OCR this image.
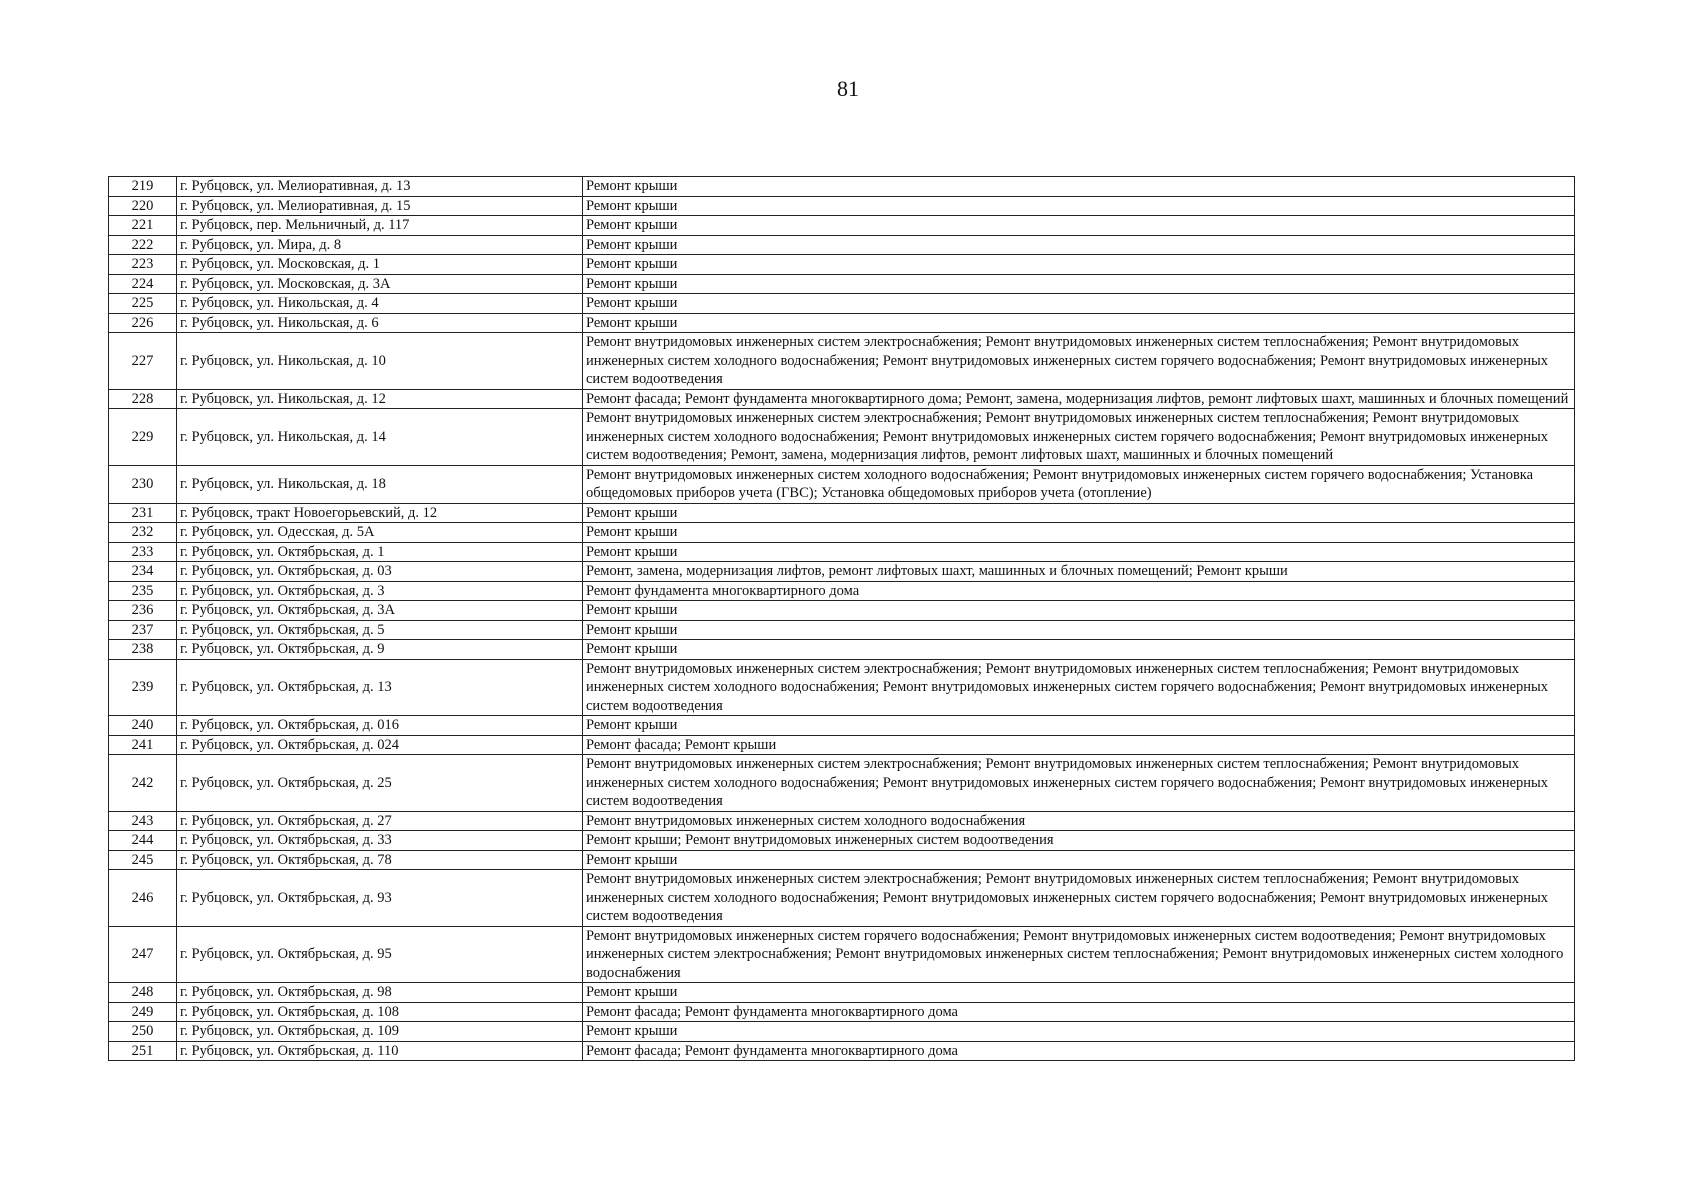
81
219	г. Рубцовск, ул. Мелиоративная, д. 13	Ремонт крыши
220	г. Рубцовск, ул. Мелиоративная, д. 15	Ремонт крыши
221	г. Рубцовск, пер. Мельничный, д. 117	Ремонт крыши
222	г. Рубцовск, ул. Мира, д. 8	Ремонт крыши
223	г. Рубцовск, ул. Московская, д. 1	Ремонт крыши
224	г. Рубцовск, ул. Московская, д. 3А	Ремонт крыши
225	г. Рубцовск, ул. Никольская, д. 4	Ремонт крыши
226	г. Рубцовск, ул. Никольская, д. 6	Ремонт крыши
227	г. Рубцовск, ул. Никольская, д. 10	Ремонт внутридомовых инженерных систем электроснабжения; Ремонт внутридомовых инженерных систем теплоснабжения; Ремонт внутридомовых инженерных систем холодного водоснабжения; Ремонт внутридомовых инженерных систем горячего водоснабжения; Ремонт внутридомовых инженерных систем водоотведения
228	г. Рубцовск, ул. Никольская, д. 12	Ремонт фасада; Ремонт фундамента многоквартирного дома; Ремонт, замена, модернизация лифтов, ремонт лифтовых шахт, машинных и блочных помещений
229	г. Рубцовск, ул. Никольская, д. 14	Ремонт внутридомовых инженерных систем электроснабжения; Ремонт внутридомовых инженерных систем теплоснабжения; Ремонт внутридомовых инженерных систем холодного водоснабжения; Ремонт внутридомовых инженерных систем горячего водоснабжения; Ремонт внутридомовых инженерных систем водоотведения; Ремонт, замена, модернизация лифтов, ремонт лифтовых шахт, машинных и блочных помещений
230	г. Рубцовск, ул. Никольская, д. 18	Ремонт внутридомовых инженерных систем холодного водоснабжения; Ремонт внутридомовых инженерных систем горячего водоснабжения; Установка общедомовых приборов учета (ГВС); Установка общедомовых приборов учета (отопление)
231	г. Рубцовск, тракт Новоегорьевский, д. 12	Ремонт крыши
232	г. Рубцовск, ул. Одесская, д. 5А	Ремонт крыши
233	г. Рубцовск, ул. Октябрьская, д. 1	Ремонт крыши
234	г. Рубцовск, ул. Октябрьская, д. 03	Ремонт, замена, модернизация лифтов, ремонт лифтовых шахт, машинных и блочных помещений; Ремонт крыши
235	г. Рубцовск, ул. Октябрьская, д. 3	Ремонт фундамента многоквартирного дома
236	г. Рубцовск, ул. Октябрьская, д. 3А	Ремонт крыши
237	г. Рубцовск, ул. Октябрьская, д. 5	Ремонт крыши
238	г. Рубцовск, ул. Октябрьская, д. 9	Ремонт крыши
239	г. Рубцовск, ул. Октябрьская, д. 13	Ремонт внутридомовых инженерных систем электроснабжения; Ремонт внутридомовых инженерных систем теплоснабжения; Ремонт внутридомовых инженерных систем холодного водоснабжения; Ремонт внутридомовых инженерных систем горячего водоснабжения; Ремонт внутридомовых инженерных систем водоотведения
240	г. Рубцовск, ул. Октябрьская, д. 016	Ремонт крыши
241	г. Рубцовск, ул. Октябрьская, д. 024	Ремонт фасада; Ремонт крыши
242	г. Рубцовск, ул. Октябрьская, д. 25	Ремонт внутридомовых инженерных систем электроснабжения; Ремонт внутридомовых инженерных систем теплоснабжения; Ремонт внутридомовых инженерных систем холодного водоснабжения; Ремонт внутридомовых инженерных систем горячего водоснабжения; Ремонт внутридомовых инженерных систем водоотведения
243	г. Рубцовск, ул. Октябрьская, д. 27	Ремонт внутридомовых инженерных систем холодного водоснабжения
244	г. Рубцовск, ул. Октябрьская, д. 33	Ремонт крыши; Ремонт внутридомовых инженерных систем водоотведения
245	г. Рубцовск, ул. Октябрьская, д. 78	Ремонт крыши
246	г. Рубцовск, ул. Октябрьская, д. 93	Ремонт внутридомовых инженерных систем электроснабжения; Ремонт внутридомовых инженерных систем теплоснабжения; Ремонт внутридомовых инженерных систем холодного водоснабжения; Ремонт внутридомовых инженерных систем горячего водоснабжения; Ремонт внутридомовых инженерных систем водоотведения
247	г. Рубцовск, ул. Октябрьская, д. 95	Ремонт внутридомовых инженерных систем горячего водоснабжения; Ремонт внутридомовых инженерных систем водоотведения; Ремонт внутридомовых инженерных систем электроснабжения; Ремонт внутридомовых инженерных систем теплоснабжения; Ремонт внутридомовых инженерных систем холодного водоснабжения
248	г. Рубцовск, ул. Октябрьская, д. 98	Ремонт крыши
249	г. Рубцовск, ул. Октябрьская, д. 108	Ремонт фасада; Ремонт фундамента многоквартирного дома
250	г. Рубцовск, ул. Октябрьская, д. 109	Ремонт крыши
251	г. Рубцовск, ул. Октябрьская, д. 110	Ремонт фасада; Ремонт фундамента многоквартирного дома
